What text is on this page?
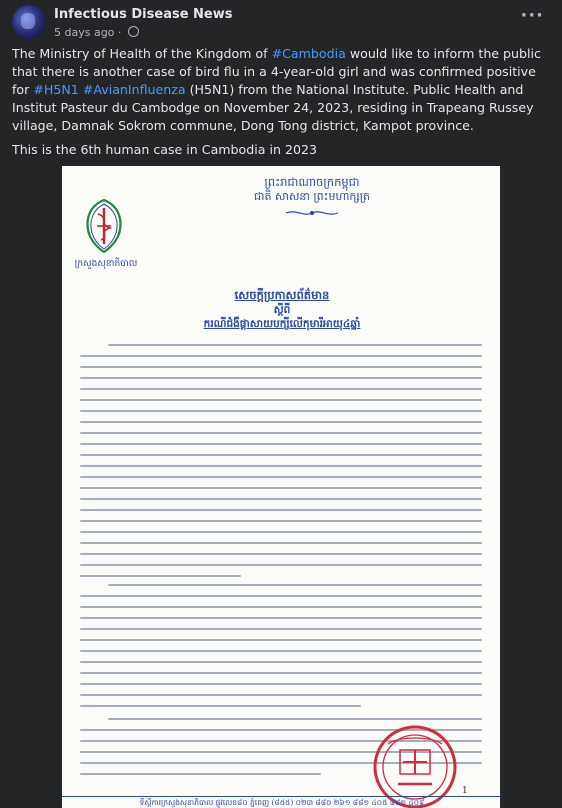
Infectious Disease News
5 days ago ·
···

The Ministry of Health of the Kingdom of #Cambodia would like to inform the public that there is another case of bird flu in a 4-year-old girl and was confirmed positive for #H5N1 #AvianInfluenza (H5N1) from the National Institute. Public Health and Institut Pasteur du Cambodge on November 24, 2023, residing in Trapeang Russey village, Damnak Sokrom commune, Dong Tong district, Kampot province.

This is the 6th human case in Cambodia in 2023

ក្រសួងសុខាភិបាល
ព្រះរាជាណាចក្រកម្ពុជា
ជាតិ សាសនា ព្រះមហាក្សត្រ
សេចក្ដីប្រកាសព័ត៌មាន
ស្ដីពី
ករណីជំងឺផ្ដាសាយបក្សីលើកុមារីអាយុ៤ឆ្នាំ
1
ទីស្ដីការក្រសួងសុខាភិបាល ផ្លូវលេខ៨០ ភ្នំពេញ (៨៥៥) ០២៣ ៨៨០ ២៦១ ៨៨១ ៤០៥ ៨៨១ ៤០៩
